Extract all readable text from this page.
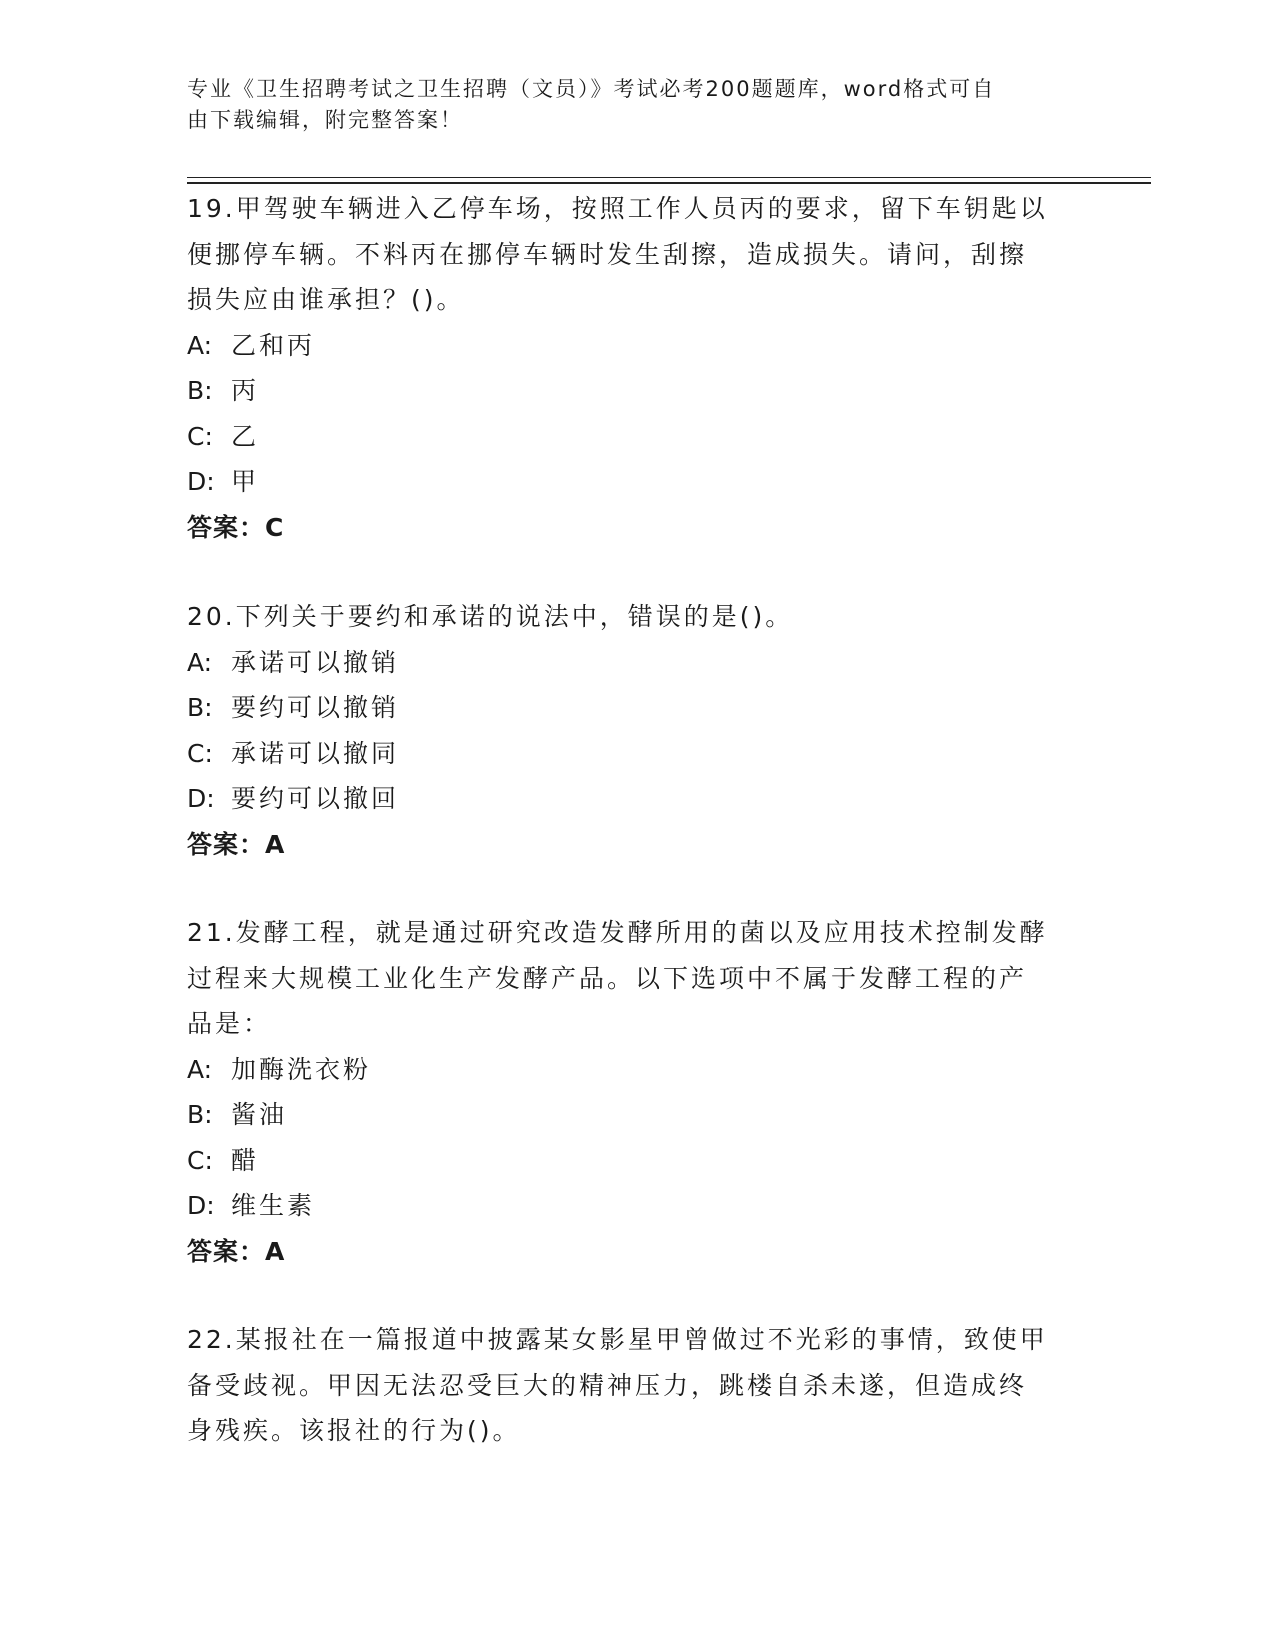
专业《卫生招聘考试之卫生招聘（文员）》考试必考200题题库，word格式可自
由下载编辑，附完整答案！

19.甲驾驶车辆进入乙停车场，按照工作人员丙的要求，留下车钥匙以

便挪停车辆。不料丙在挪停车辆时发生刮擦，造成损失。请问，刮擦

损失应由谁承担？()。

A: 乙和丙

B: 丙

C: 乙

D: 甲

答案：C

20.下列关于要约和承诺的说法中，错误的是()。

A: 承诺可以撤销

B: 要约可以撤销

C: 承诺可以撤同

D: 要约可以撤回

答案：A

21.发酵工程，就是通过研究改造发酵所用的菌以及应用技术控制发酵

过程来大规模工业化生产发酵产品。以下选项中不属于发酵工程的产

品是：

A: 加酶洗衣粉

B: 酱油

C: 醋

D: 维生素

答案：A

22.某报社在一篇报道中披露某女影星甲曾做过不光彩的事情，致使甲

备受歧视。甲因无法忍受巨大的精神压力，跳楼自杀未遂，但造成终

身残疾。该报社的行为()。
